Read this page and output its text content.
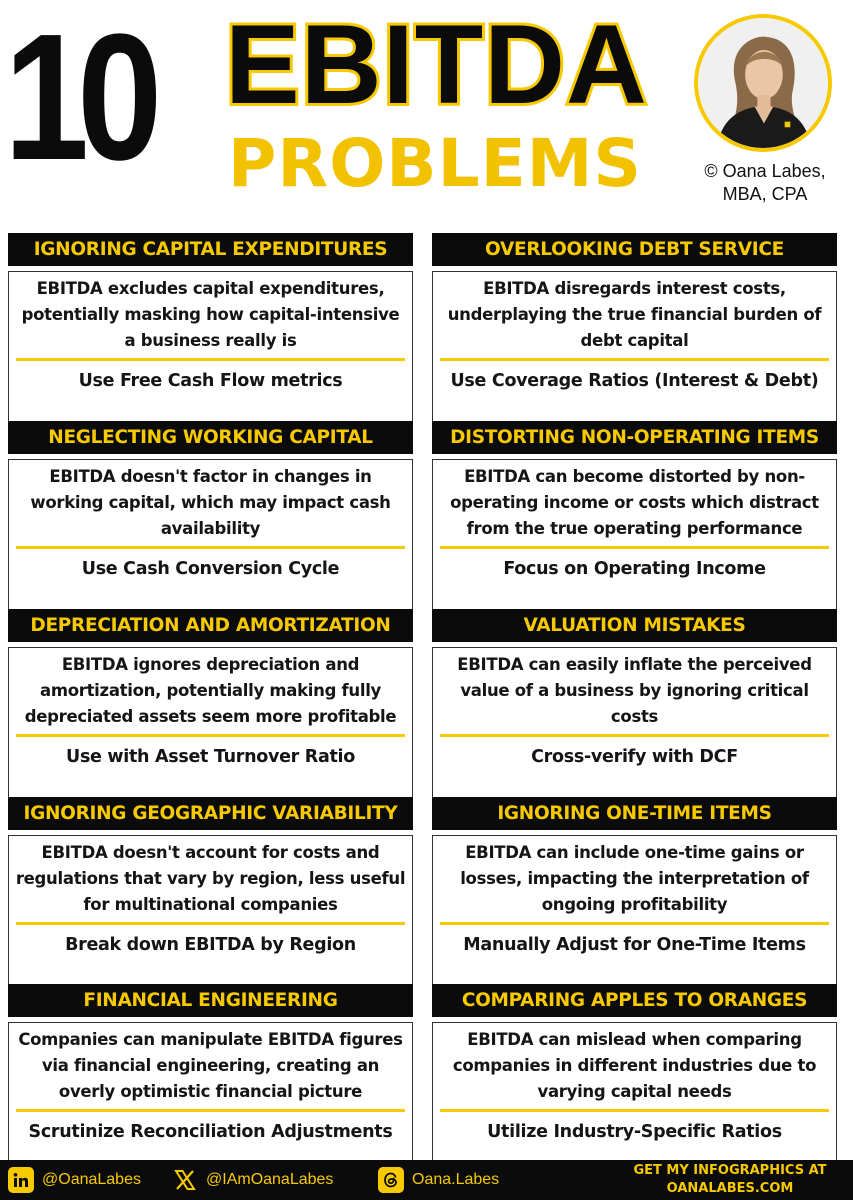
10 EBITDA
PROBLEMS	© Oana Labes,
MBA, CPA
IGNORING CAPITAL EXPENDITURES
EBITDA excludes capital expenditures, potentially masking how capital-intensive a business really is
Use Free Cash Flow metrics
OVERLOOKING DEBT SERVICE
EBITDA disregards interest costs, underplaying the true financial burden of debt capital
Use Coverage Ratios (Interest & Debt)
NEGLECTING WORKING CAPITAL
EBITDA doesn't factor in changes in working capital, which may impact cash availability
Use Cash Conversion Cycle
DISTORTING NON-OPERATING ITEMS
EBITDA can become distorted by non-operating income or costs which distract from the true operating performance
Focus on Operating Income
DEPRECIATION AND AMORTIZATION
EBITDA ignores depreciation and amortization, potentially making fully depreciated assets seem more profitable
Use with Asset Turnover Ratio
VALUATION MISTAKES
EBITDA can easily inflate the perceived value of a business by ignoring critical costs
Cross-verify with DCF
IGNORING GEOGRAPHIC VARIABILITY
EBITDA doesn't account for costs and regulations that vary by region, less useful for multinational companies
Break down EBITDA by Region
IGNORING ONE-TIME ITEMS
EBITDA can include one-time gains or losses, impacting the interpretation of ongoing profitability
Manually Adjust for One-Time Items
FINANCIAL ENGINEERING
Companies can manipulate EBITDA figures via financial engineering, creating an overly optimistic financial picture
Scrutinize Reconciliation Adjustments
COMPARING APPLES TO ORANGES
EBITDA can mislead when comparing companies in different industries due to varying capital needs
Utilize Industry-Specific Ratios
@OanaLabes	@IAmOanaLabes	Oana.Labes
GET MY INFOGRAPHICS AT
OANALABES.COM
